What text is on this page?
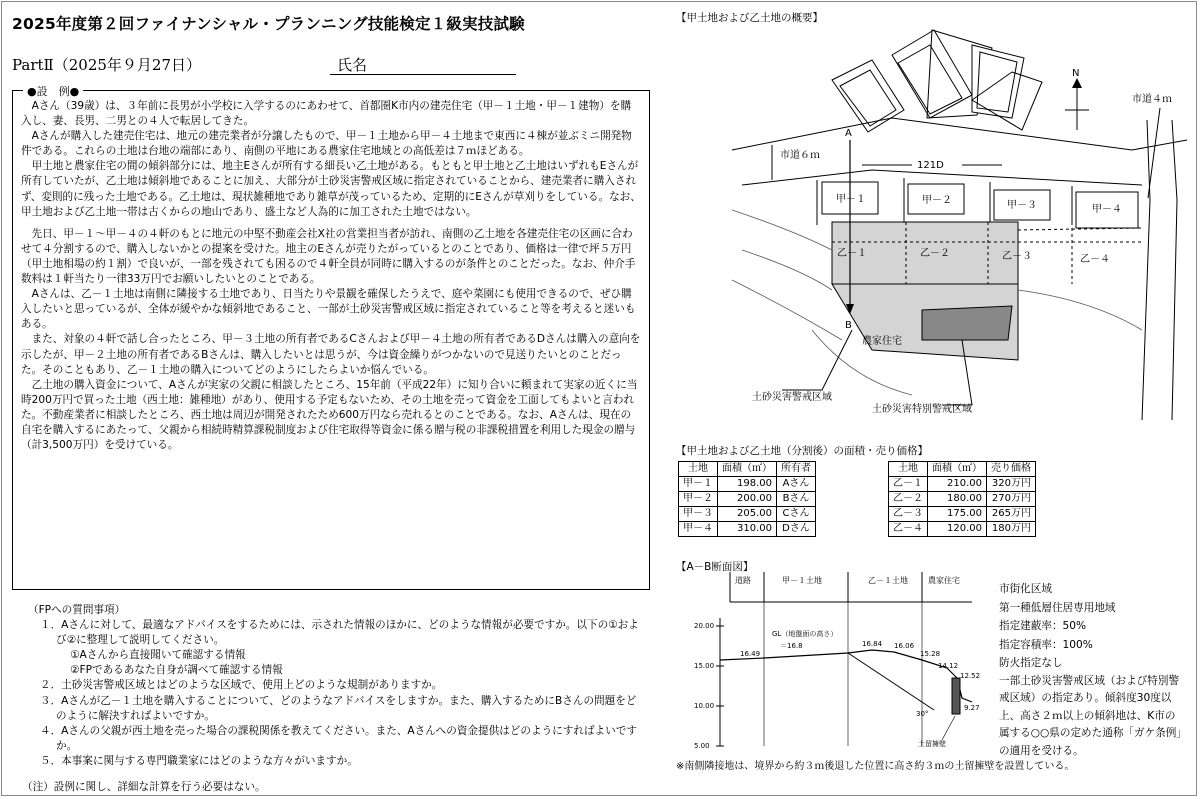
2025年度第２回ファイナンシャル・プランニング技能検定１級実技試験
PartⅡ（2025年９月27日）	氏名
●設　例●

Aさん（39歳）は、３年前に長男が小学校に入学するのにあわせて、首都圏K市内の建売住宅（甲－１土地・甲－１建物）を購入し、妻、長男、二男との４人で転居してきた。

Aさんが購入した建売住宅は、地元の建売業者が分譲したもので、甲－１土地から甲－４土地まで東西に４棟が並ぶミニ開発物件である。これらの土地は台地の端部にあり、南側の平地にある農家住宅地域との高低差は７ｍほどある。

甲土地と農家住宅の間の傾斜部分には、地主Eさんが所有する細長い乙土地がある。もともと甲土地と乙土地はいずれもEさんが所有していたが、乙土地は傾斜地であることに加え、大部分が土砂災害警戒区域に指定されていることから、建売業者に購入されず、変則的に残った土地である。乙土地は、現状雑種地であり雑草が茂っているため、定期的にEさんが草刈りをしている。なお、甲土地および乙土地一帯は古くからの地山であり、盛土など人為的に加工された土地ではない。

先日、甲－１～甲－４の４軒のもとに地元の中堅不動産会社X社の営業担当者が訪れ、南側の乙土地を各建売住宅の区画に合わせて４分割するので、購入しないかとの提案を受けた。地主のEさんが売りたがっているとのことであり、価格は一律で坪５万円（甲土地相場の約１割）で良いが、一部を残されても困るので４軒全員が同時に購入するのが条件とのことだった。なお、仲介手数料は１軒当たり一律33万円でお願いしたいとのことである。

Aさんは、乙－１土地は南側に隣接する土地であり、日当たりや景観を確保したうえで、庭や菜園にも使用できるので、ぜひ購入したいと思っているが、全体が緩やかな傾斜地であること、一部が土砂災害警戒区域に指定されていること等を考えると迷いもある。

また、対象の４軒で話し合ったところ、甲－３土地の所有者であるCさんおよび甲－４土地の所有者であるDさんは購入の意向を示したが、甲－２土地の所有者であるBさんは、購入したいとは思うが、今は資金繰りがつかないので見送りたいとのことだった。そのこともあり、乙－１土地の購入についてどのようにしたらよいか悩んでいる。

乙土地の購入資金について、Aさんが実家の父親に相談したところ、15年前（平成22年）に知り合いに頼まれて実家の近くに当時200万円で買った土地（西土地：雑種地）があり、使用する予定もないため、その土地を売って資金を工面してもよいと言われた。不動産業者に相談したところ、西土地は周辺が開発されたため600万円なら売れるとのことである。なお、Aさんは、現在の自宅を購入するにあたって、父親から相続時精算課税制度および住宅取得等資金に係る贈与税の非課税措置を利用した現金の贈与（計3,500万円）を受けている。

（FPへの質問事項）
１．Aさんに対して、最適なアドバイスをするためには、示された情報のほかに、どのような情報が必要ですか。以下の①および②に整理して説明してください。
①Aさんから直接聞いて確認する情報
②FPであるあなた自身が調べて確認する情報
２．土砂災害警戒区域とはどのような区域で、使用上どのような規制がありますか。
３．Aさんが乙－１土地を購入することについて、どのようなアドバイスをしますか。また、購入するためにBさんの問題をどのように解決すればよいですか。
４．Aさんの父親が西土地を売った場合の課税関係を教えてください。また、Aさんへの資金提供はどのようにすればよいですか。
５．本事案に関与する専門職業家にはどのような方々がいますか。
（注）設例に関し、詳細な計算を行う必要はない。
【甲土地および乙土地の概要】
N
市道４ｍ
市道６ｍ
121D
A
B
甲－１	甲－２	甲－３	甲－４
乙－１	乙－２	乙－３	乙－４
農家住宅
土砂災害警戒区域
土砂災害特別警戒区域
【甲土地および乙土地（分割後）の面積・売り価格】
土地	面積（㎡）	所有者
甲－１	198.00	Aさん
甲－２	200.00	Bさん
甲－３	205.00	Cさん
甲－４	310.00	Dさん
土地	面積（㎡）	売り価格
乙－１	210.00	320万円
乙－２	180.00	270万円
乙－３	175.00	265万円
乙－４	120.00	180万円
【A－B断面図】
道路	甲－１土地	乙－１土地	農家住宅
20.00
15.00
10.00
5.00
GL（地盤面の高さ）
＝16.8
16.49
16.84 16.06
15.28
14.12
12.52
9.27
30°
土留擁壁
市街化区域
第一種低層住居専用地域
指定建蔽率：50%
指定容積率：100%
防火指定なし
一部土砂災害警戒区域（および特別警戒区域）の指定あり。傾斜度30度以上、高さ２ｍ以上の傾斜地は、K市の属する○○県の定めた通称「ガケ条例」の適用を受ける。
※南側隣接地は、境界から約３ｍ後退した位置に高さ約３ｍの土留擁壁を設置している。
